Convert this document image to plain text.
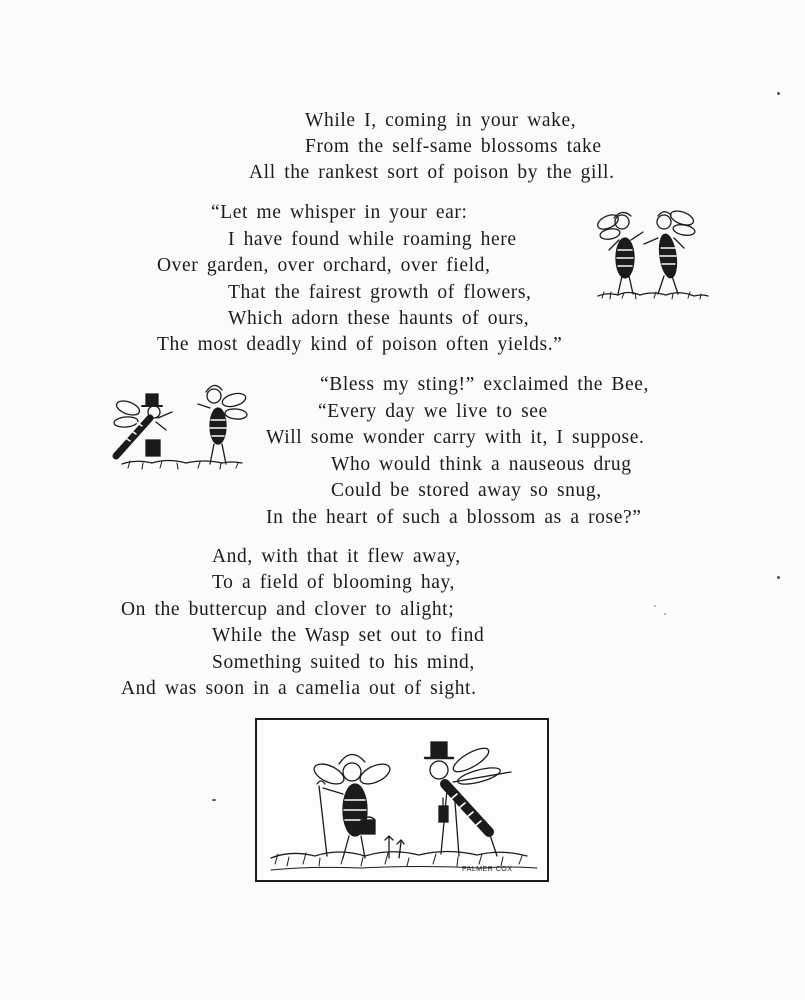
While I, coming in your wake,
From the self-same blossoms take
All the rankest sort of poison by the gill.
“Let me whisper in your ear:
I have found while roaming here
Over garden, over orchard, over field,
That the fairest growth of flowers,
Which adorn these haunts of ours,
The most deadly kind of poison often yields.”
“Bless my sting!” exclaimed the Bee,
“Every day we live to see
Will some wonder carry with it, I suppose.
Who would think a nauseous drug
Could be stored away so snug,
In the heart of such a blossom as a rose?”
And, with that it flew away,
To a field of blooming hay,
On the buttercup and clover to alight;
While the Wasp set out to find
Something suited to his mind,
And was soon in a camelia out of sight.
PALMER COX
